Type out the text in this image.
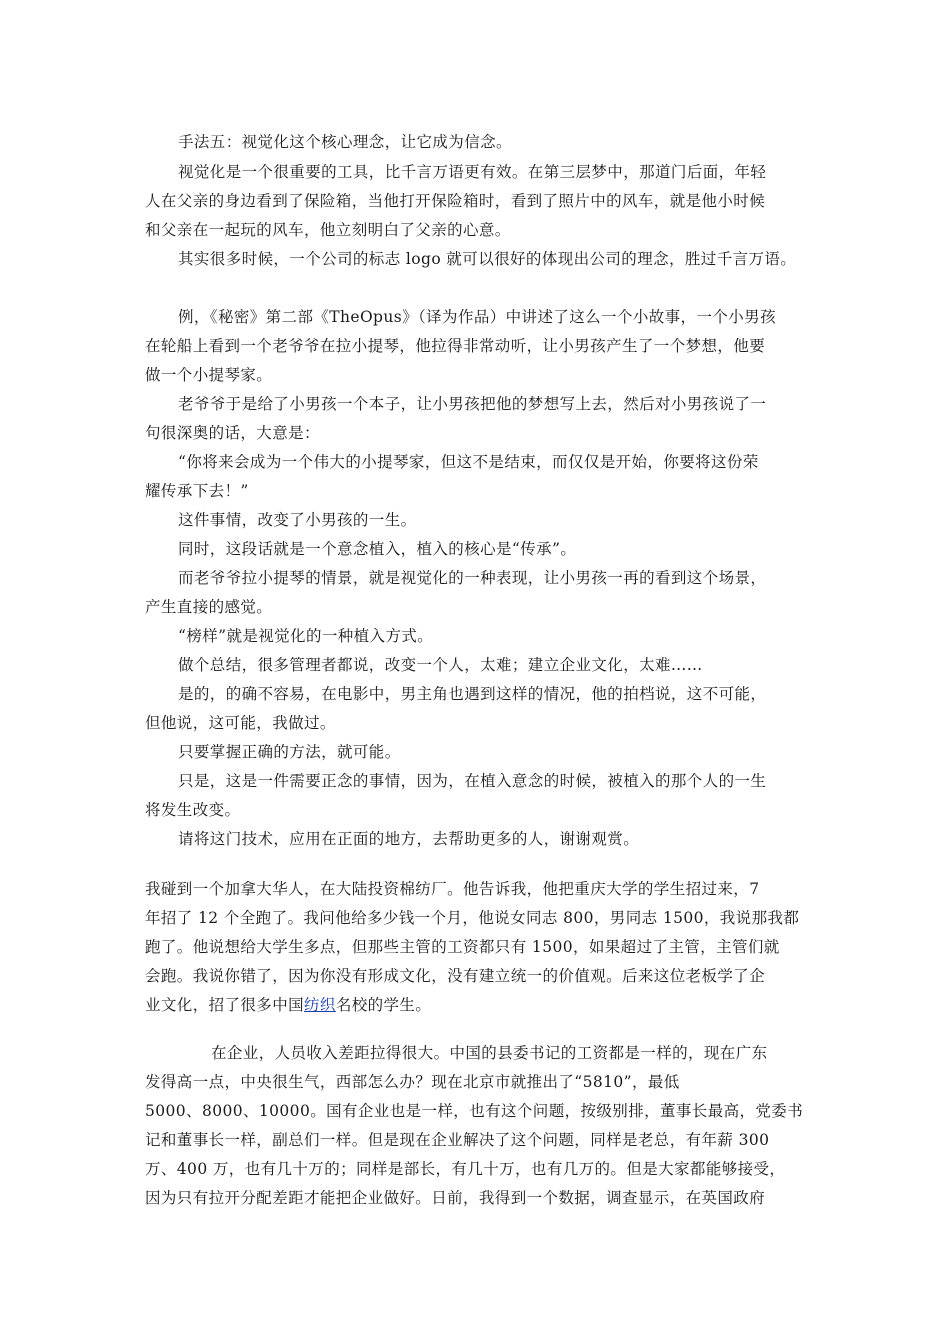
手法五：视觉化这个核心理念，让它成为信念。
视觉化是一个很重要的工具，比千言万语更有效。在第三层梦中，那道门后面，年轻
人在父亲的身边看到了保险箱，当他打开保险箱时，看到了照片中的风车，就是他小时候
和父亲在一起玩的风车，他立刻明白了父亲的心意。
其实很多时候，一个公司的标志 logo 就可以很好的体现出公司的理念，胜过千言万语。
例，《秘密》第二部《TheOpus》（译为作品）中讲述了这么一个小故事，一个小男孩
在轮船上看到一个老爷爷在拉小提琴，他拉得非常动听，让小男孩产生了一个梦想，他要
做一个小提琴家。
老爷爷于是给了小男孩一个本子，让小男孩把他的梦想写上去，然后对小男孩说了一
句很深奥的话，大意是：
“你将来会成为一个伟大的小提琴家，但这不是结束，而仅仅是开始，你要将这份荣
耀传承下去！”
这件事情，改变了小男孩的一生。
同时，这段话就是一个意念植入，植入的核心是“传承”。
而老爷爷拉小提琴的情景，就是视觉化的一种表现，让小男孩一再的看到这个场景，
产生直接的感觉。
“榜样”就是视觉化的一种植入方式。
做个总结，很多管理者都说，改变一个人，太难；建立企业文化，太难……
是的，的确不容易，在电影中，男主角也遇到这样的情况，他的拍档说，这不可能，
但他说，这可能，我做过。
只要掌握正确的方法，就可能。
只是，这是一件需要正念的事情，因为，在植入意念的时候，被植入的那个人的一生
将发生改变。
请将这门技术，应用在正面的地方，去帮助更多的人，谢谢观赏。
我碰到一个加拿大华人，在大陆投资棉纺厂。他告诉我，他把重庆大学的学生招过来，7
年招了 12 个全跑了。我问他给多少钱一个月，他说女同志 800，男同志 1500，我说那我都
跑了。他说想给大学生多点，但那些主管的工资都只有 1500，如果超过了主管，主管们就
会跑。我说你错了，因为你没有形成文化，没有建立统一的价值观。后来这位老板学了企
业文化，招了很多中国纺织名校的学生。
在企业，人员收入差距拉得很大。中国的县委书记的工资都是一样的，现在广东
发得高一点，中央很生气，西部怎么办？现在北京市就推出了“5810”，最低
5000、8000、10000。国有企业也是一样，也有这个问题，按级别排，董事长最高，党委书
记和董事长一样，副总们一样。但是现在企业解决了这个问题，同样是老总，有年薪 300
万、400 万，也有几十万的；同样是部长，有几十万，也有几万的。但是大家都能够接受，
因为只有拉开分配差距才能把企业做好。日前，我得到一个数据，调查显示，在英国政府
